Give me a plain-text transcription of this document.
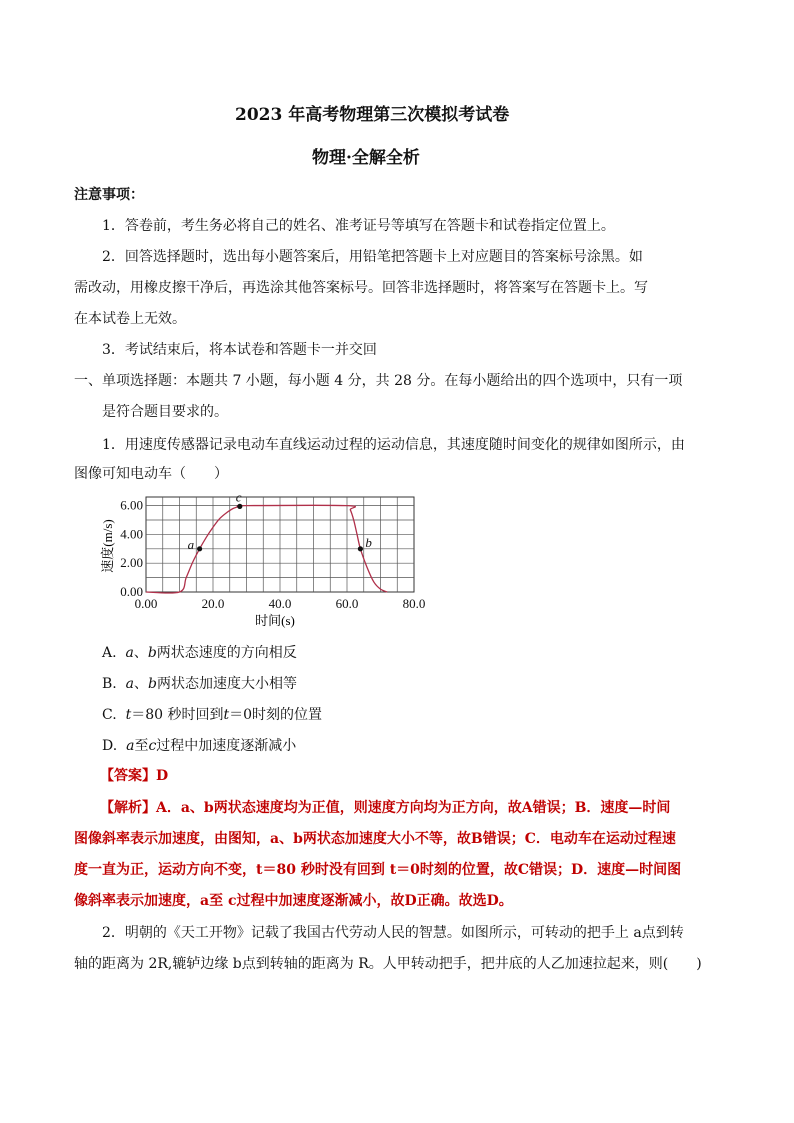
2023 年高考物理第三次模拟考试卷
物理·全解全析
注意事项：
1．答卷前，考生务必将自己的姓名、准考证号等填写在答题卡和试卷指定位置上。
2．回答选择题时，选出每小题答案后，用铅笔把答题卡上对应题目的答案标号涂黑。如
需改动，用橡皮擦干净后，再选涂其他答案标号。回答非选择题时，将答案写在答题卡上。写
在本试卷上无效。
3．考试结束后，将本试卷和答题卡一并交回
一、单项选择题：本题共 7 小题，每小题 4 分，共 28 分。在每小题给出的四个选项中，只有一项
是符合题目要求的。
1．用速度传感器记录电动车直线运动过程的运动信息，其速度随时间变化的规律如图所示，由
图像可知电动车（　　）
a
c
b
0.00	20.0	40.0	60.0	80.0
0.00
2.00
4.00
6.00
时间(s)
速度(m/s)
A. a、b两状态速度的方向相反
B. a、b两状态加速度大小相等
C. t＝80 秒时回到t＝0时刻的位置
D. a至c过程中加速度逐渐减小
【答案】D
【解析】A．a、b两状态速度均为正值，则速度方向均为正方向，故A错误；B．速度—时间
图像斜率表示加速度，由图知，a、b两状态加速度大小不等，故B错误；C．电动车在运动过程速
度一直为正，运动方向不变，t＝80 秒时没有回到 t＝0时刻的位置，故C错误；D．速度—时间图
像斜率表示加速度，a至 c过程中加速度逐渐减小，故D正确。故选D。
2．明朝的《天工开物》记载了我国古代劳动人民的智慧。如图所示，可转动的把手上 a点到转
轴的距离为 2R,辘轳边缘 b点到转轴的距离为 R。人甲转动把手，把井底的人乙加速拉起来，则(　　)
